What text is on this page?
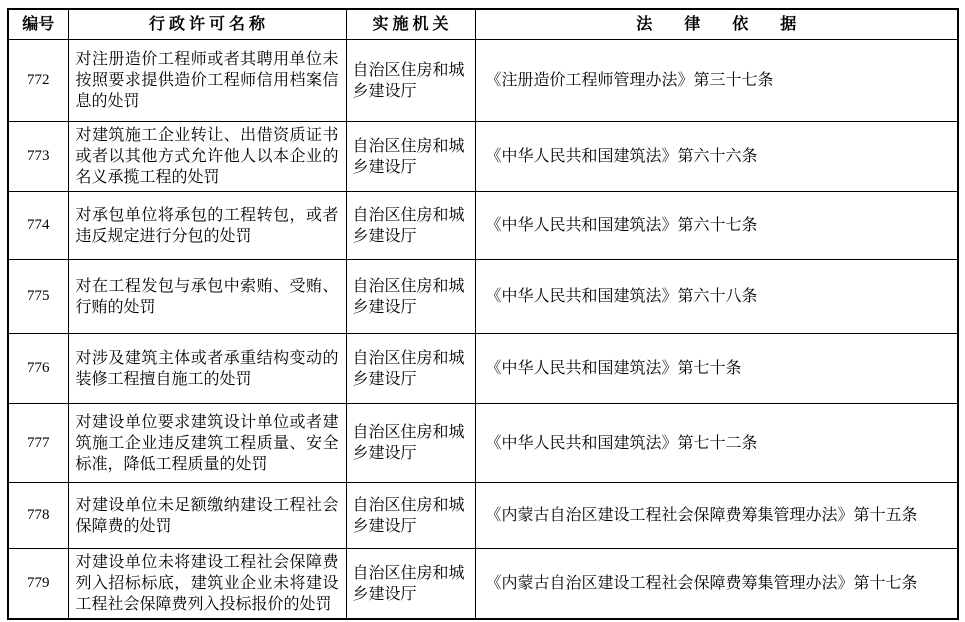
编号	行 政 许 可 名 称	实 施 机 关	法　　律　　依　　据
772	对注册造价工程师或者其聘用单位未按照要求提供造价工程师信用档案信息的处罚	自治区住房和城乡建设厅	《注册造价工程师管理办法》第三十七条
773	对建筑施工企业转让、出借资质证书或者以其他方式允许他人以本企业的名义承揽工程的处罚	自治区住房和城乡建设厅	《中华人民共和国建筑法》第六十六条
774	对承包单位将承包的工程转包，或者违反规定进行分包的处罚	自治区住房和城乡建设厅	《中华人民共和国建筑法》第六十七条
775	对在工程发包与承包中索贿、受贿、行贿的处罚	自治区住房和城乡建设厅	《中华人民共和国建筑法》第六十八条
776	对涉及建筑主体或者承重结构变动的装修工程擅自施工的处罚	自治区住房和城乡建设厅	《中华人民共和国建筑法》第七十条
777	对建设单位要求建筑设计单位或者建筑施工企业违反建筑工程质量、安全标准，降低工程质量的处罚	自治区住房和城乡建设厅	《中华人民共和国建筑法》第七十二条
778	对建设单位未足额缴纳建设工程社会保障费的处罚	自治区住房和城乡建设厅	《内蒙古自治区建设工程社会保障费筹集管理办法》第十五条
779	对建设单位未将建设工程社会保障费列入招标标底，建筑业企业未将建设工程社会保障费列入投标报价的处罚	自治区住房和城乡建设厅	《内蒙古自治区建设工程社会保障费筹集管理办法》第十七条
